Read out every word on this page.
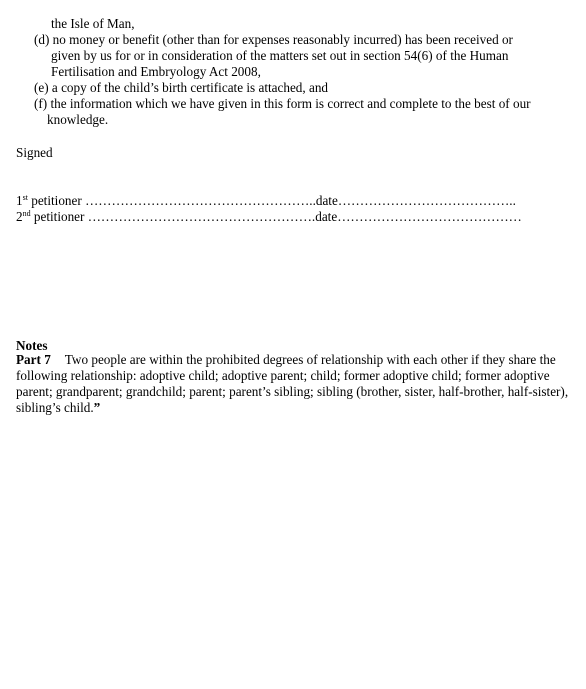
the Isle of Man,
(d) no money or benefit (other than for expenses reasonably incurred) has been received or
given by us for or in consideration of the matters set out in section 54(6) of the Human
Fertilisation and Embryology Act 2008,
(e) a copy of the child’s birth certificate is attached, and
(f) the information which we have given in this form is correct and complete to the best of our
knowledge.
Signed
1st petitioner ……………………………………………..date…………………………………..
2nd petitioner …………………………………………….date……………………………………
Notes
Part 7 Two people are within the prohibited degrees of relationship with each other if they share the following relationship: adoptive child; adoptive parent; child; former adoptive child; former adoptive parent; grandparent; grandchild; parent; parent’s sibling; sibling (brother, sister, half-brother, half-sister), sibling’s child.”
